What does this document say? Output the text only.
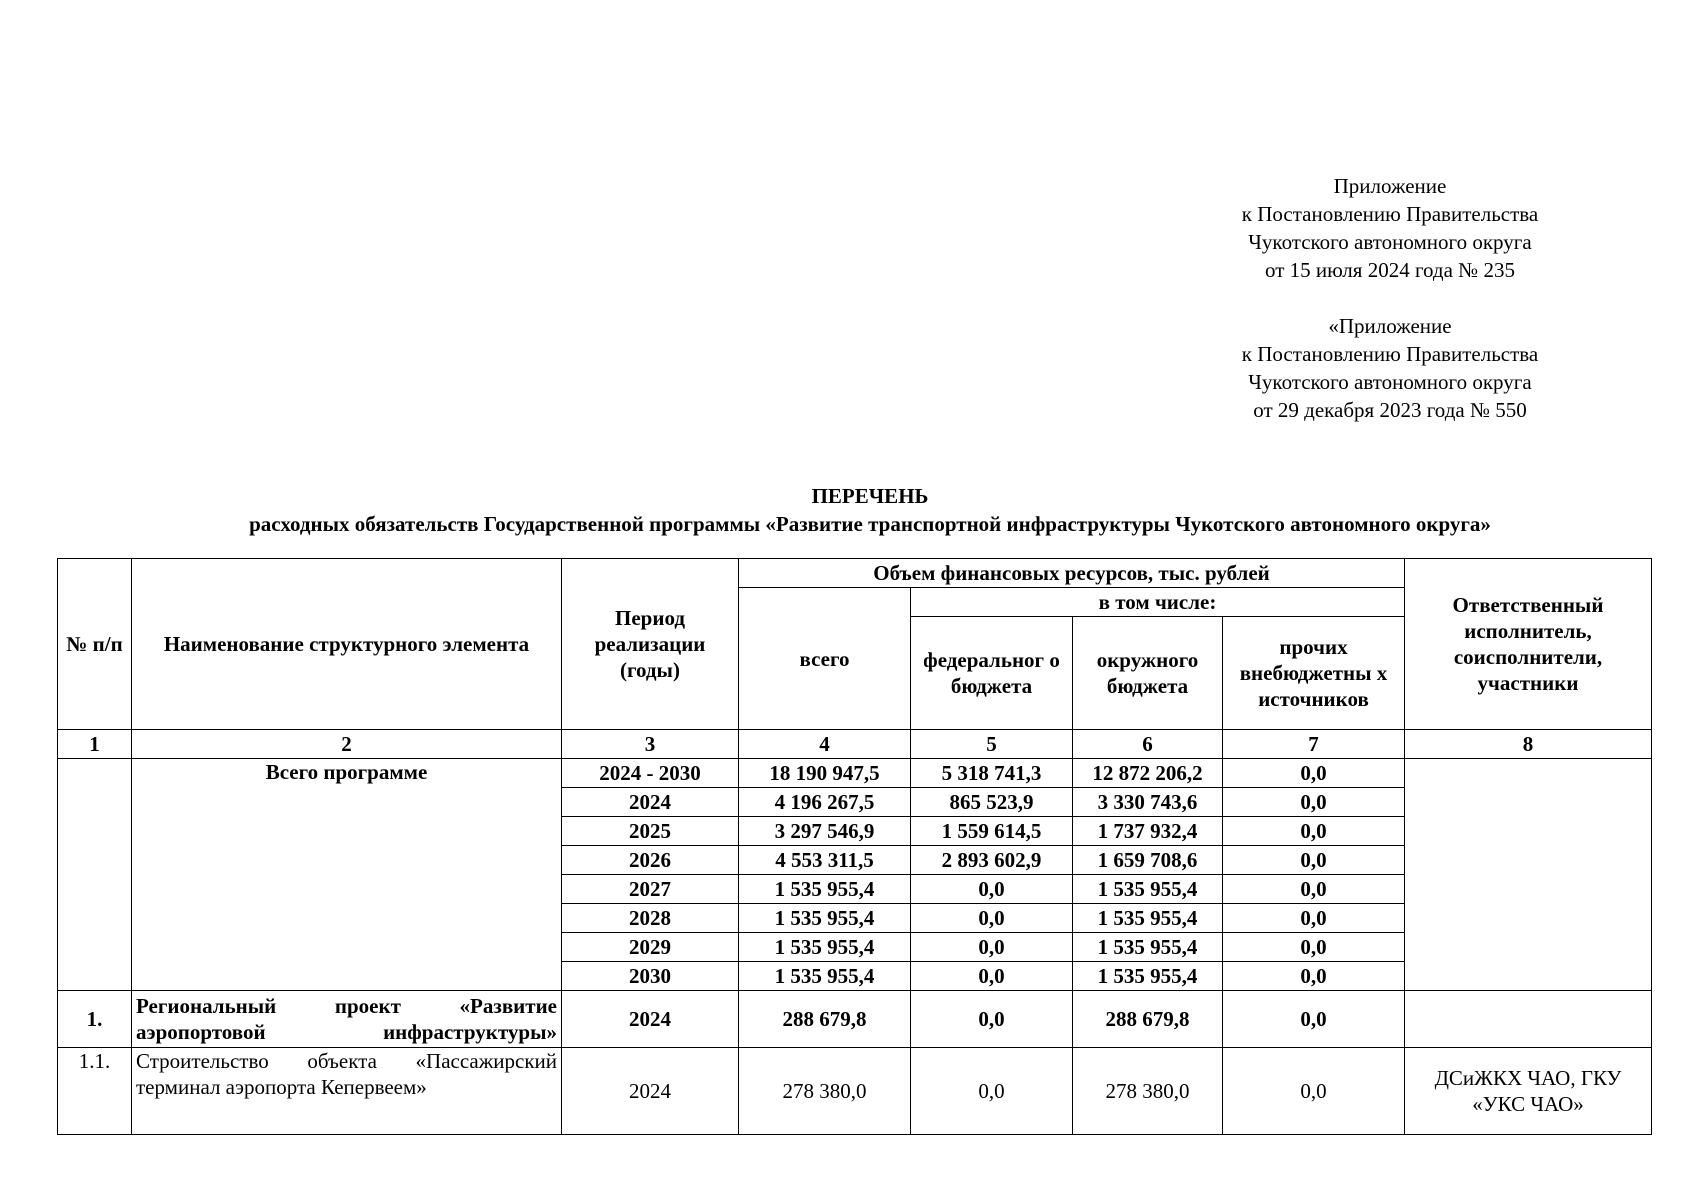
Приложение
к Постановлению Правительства
Чукотского автономного округа
от 15 июля 2024 года № 235
«Приложение
к Постановлению Правительства
Чукотского автономного округа
от 29 декабря 2023 года № 550
ПЕРЕЧЕНЬ
расходных обязательств Государственной программы «Развитие транспортной инфраструктуры Чукотского автономного округа»
№ п/п	Наименование структурного элемента	Период реализации (годы)	Объем финансовых ресурсов, тыс. рублей				Ответственный исполнитель, соисполнители, участники
			всего	в том числе:			
				федеральног о бюджета	окружного бюджета	прочих внебюджетны х источников	
1	2	3	4	5	6	7	8
	Всего программе	2024 - 2030	18 190 947,5	5 318 741,3	12 872 206,2	0,0	
		2024	4 196 267,5	865 523,9	3 330 743,6	0,0	
		2025	3 297 546,9	1 559 614,5	1 737 932,4	0,0	
		2026	4 553 311,5	2 893 602,9	1 659 708,6	0,0	
		2027	1 535 955,4	0,0	1 535 955,4	0,0	
		2028	1 535 955,4	0,0	1 535 955,4	0,0	
		2029	1 535 955,4	0,0	1 535 955,4	0,0	
		2030	1 535 955,4	0,0	1 535 955,4	0,0	
1.	Региональный проект «Развитие аэропортовой инфраструктуры»	2024	288 679,8	0,0	288 679,8	0,0	
1.1.	Строительство объекта «Пассажирский терминал аэропорта Кепервеем»	2024	278 380,0	0,0	278 380,0	0,0	ДСиЖКХ ЧАО, ГКУ «УКС ЧАО»
